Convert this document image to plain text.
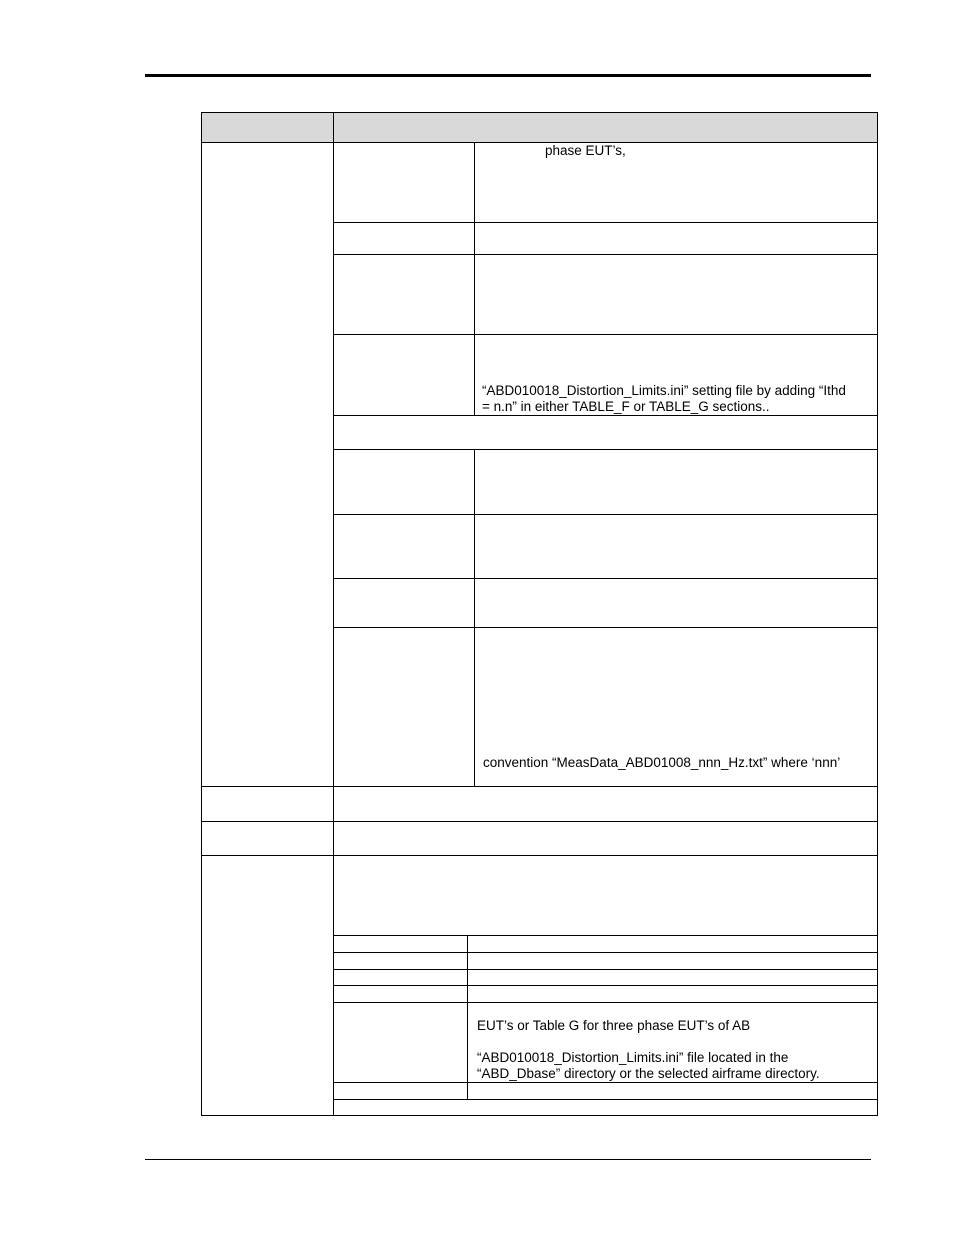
phase EUT’s,
“ABD010018_Distortion_Limits.ini” setting file by adding “Ithd
= n.n” in either TABLE_F or TABLE_G sections..
convention “MeasData_ABD01008_nnn_Hz.txt” where ‘nnn’
EUT’s or Table G for three phase EUT’s of AB
“ABD010018_Distortion_Limits.ini” file located in the
“ABD_Dbase” directory or the selected airframe directory.
